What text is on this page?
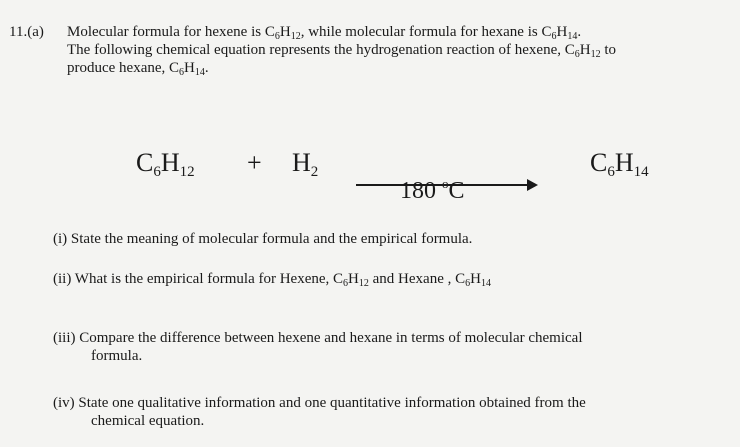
11.(a) Molecular formula for hexene is $C_6H_{12}$, while molecular formula for hexane is $C_6H_{14}$.
The following chemical equation represents the hydrogenation reaction of hexene, $C_6H_{12}$ to
produce hexane, $C_6H_{14}$.
$C_6H_{12} + H_2$
180 $^o$C
$C_6H_{14}$
(i) State the meaning of molecular formula and the empirical formula.
(ii) What is the empirical formula for Hexene, $C_6H_{12}$ and Hexane , $C_6H_{14}$
(iii) Compare the difference between hexene and hexane in terms of molecular chemical
formula.
(iv) State one qualitative information and one quantitative information obtained from the
chemical equation.
